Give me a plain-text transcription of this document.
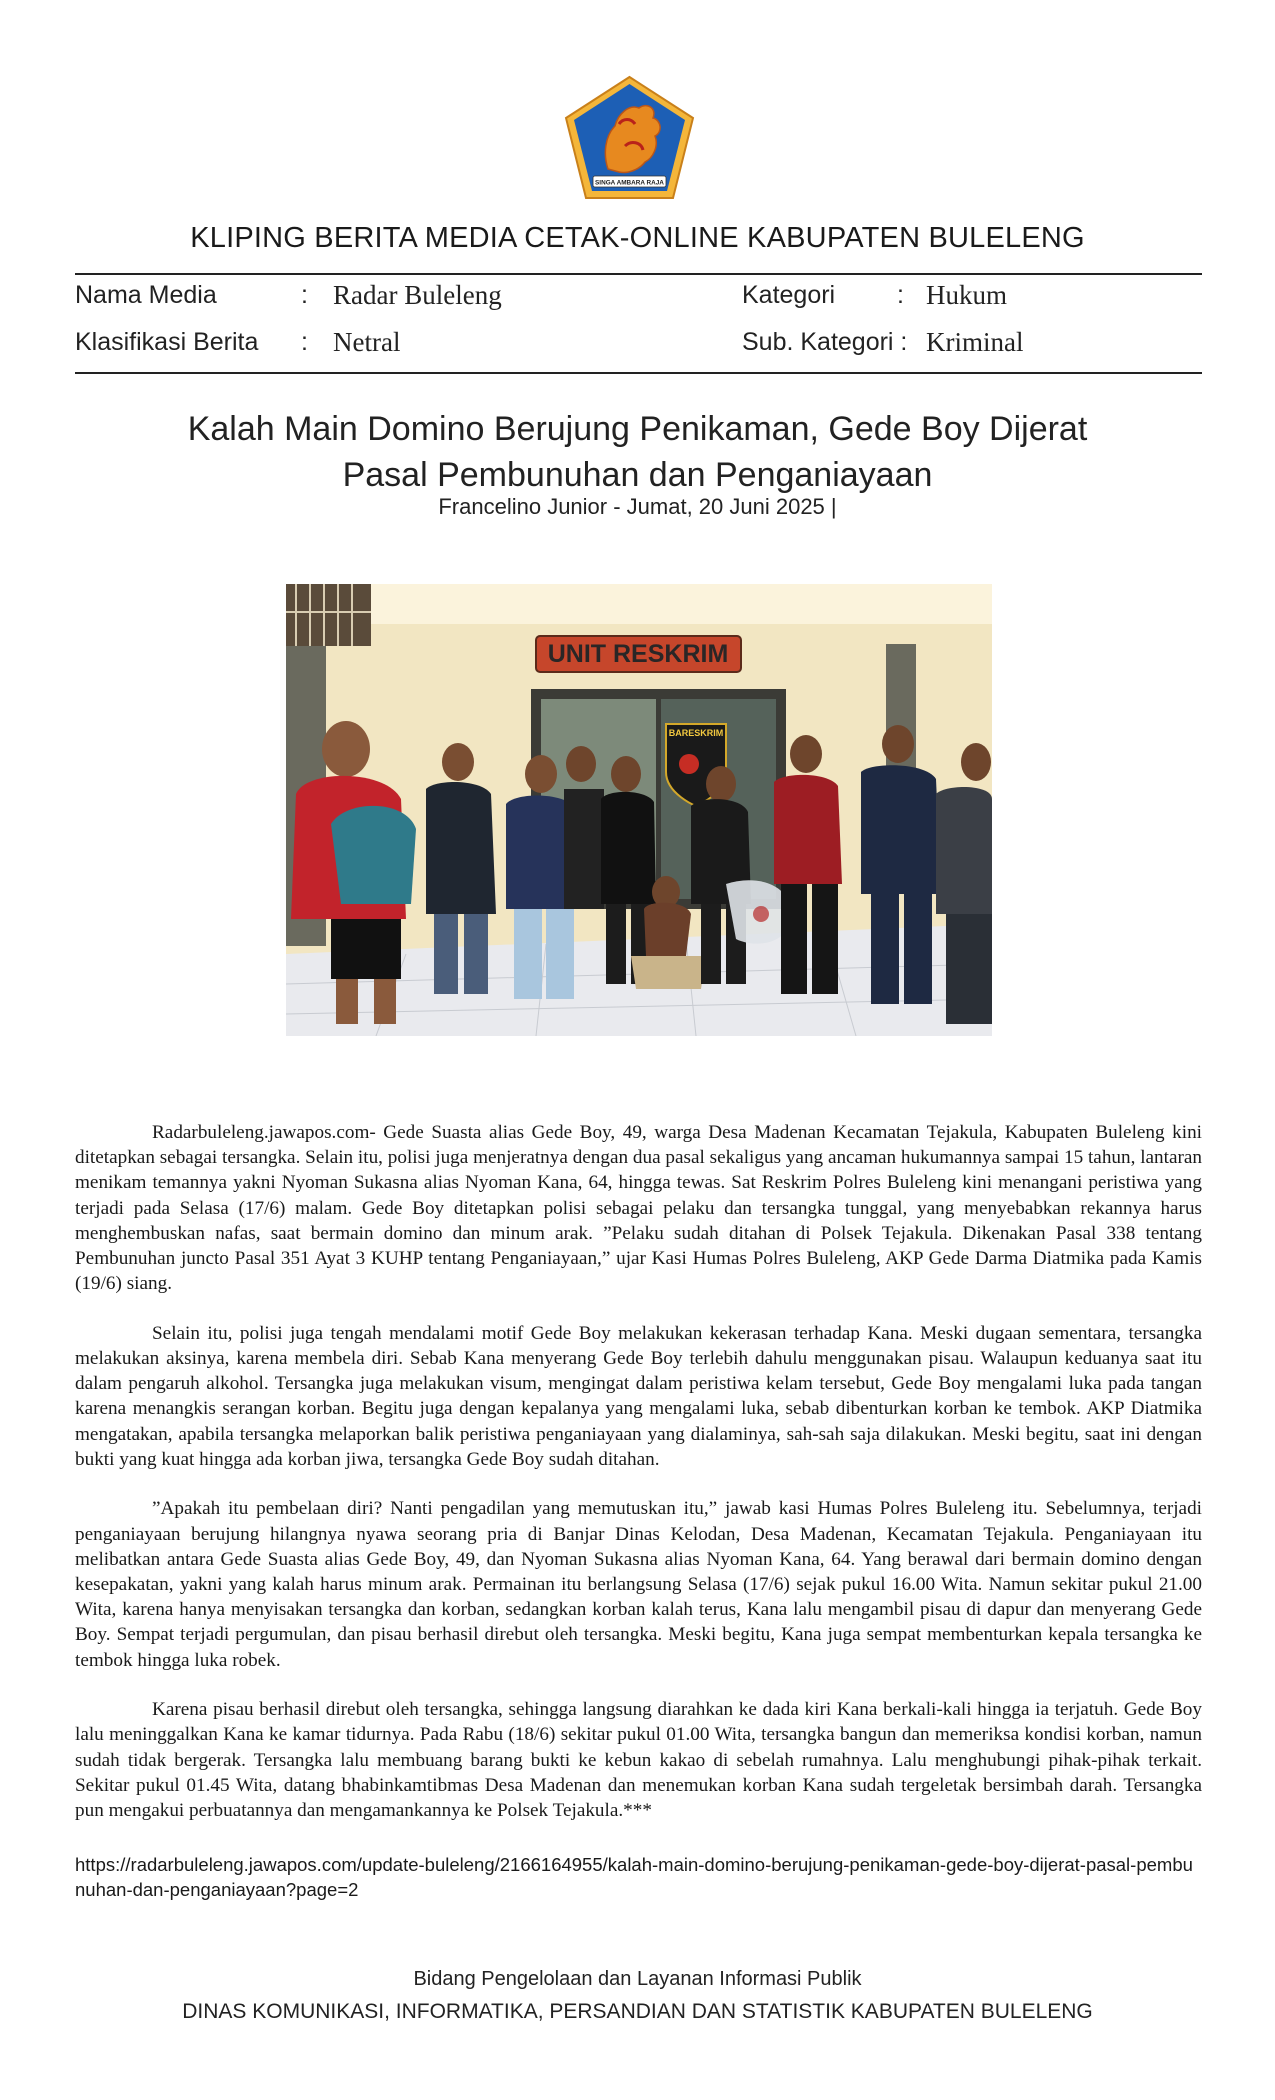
SINGA AMBARA RAJA
KLIPING BERITA MEDIA CETAK-ONLINE KABUPATEN BULELENG
Nama Media	: Radar Buleleng	Kategori : Hukum
Klasifikasi Berita : Netral	Sub. Kategori : Kriminal
Kalah Main Domino Berujung Penikaman, Gede Boy Dijerat
Pasal Pembunuhan dan Penganiayaan
Francelino Junior - Jumat, 20 Juni 2025 |
BARESKRIM
UNIT RESKRIM

Radarbuleleng.jawapos.com- Gede Suasta alias Gede Boy, 49, warga Desa Madenan Kecamatan Tejakula, Kabupaten Buleleng kini ditetapkan sebagai tersangka. Selain itu, polisi juga menjeratnya dengan dua pasal sekaligus yang ancaman hukumannya sampai 15 tahun, lantaran menikam temannya yakni Nyoman Sukasna alias Nyoman Kana, 64, hingga tewas. Sat Reskrim Polres Buleleng kini menangani peristiwa yang terjadi pada Selasa (17/6) malam. Gede Boy ditetapkan polisi sebagai pelaku dan tersangka tunggal, yang menyebabkan rekannya harus menghembuskan nafas, saat bermain domino dan minum arak. ”Pelaku sudah ditahan di Polsek Tejakula. Dikenakan Pasal 338 tentang Pembunuhan juncto Pasal 351 Ayat 3 KUHP tentang Penganiayaan,” ujar Kasi Humas Polres Buleleng, AKP Gede Darma Diatmika pada Kamis (19/6) siang.

Selain itu, polisi juga tengah mendalami motif Gede Boy melakukan kekerasan terhadap Kana. Meski dugaan sementara, tersangka melakukan aksinya, karena membela diri. Sebab Kana menyerang Gede Boy terlebih dahulu menggunakan pisau. Walaupun keduanya saat itu dalam pengaruh alkohol. Tersangka juga melakukan visum, mengingat dalam peristiwa kelam tersebut, Gede Boy mengalami luka pada tangan karena menangkis serangan korban. Begitu juga dengan kepalanya yang mengalami luka, sebab dibenturkan korban ke tembok. AKP Diatmika mengatakan, apabila tersangka melaporkan balik peristiwa penganiayaan yang dialaminya, sah-sah saja dilakukan. Meski begitu, saat ini dengan bukti yang kuat hingga ada korban jiwa, tersangka Gede Boy sudah ditahan.

”Apakah itu pembelaan diri? Nanti pengadilan yang memutuskan itu,” jawab kasi Humas Polres Buleleng itu. Sebelumnya, terjadi penganiayaan berujung hilangnya nyawa seorang pria di Banjar Dinas Kelodan, Desa Madenan, Kecamatan Tejakula. Penganiayaan itu melibatkan antara Gede Suasta alias Gede Boy, 49, dan Nyoman Sukasna alias Nyoman Kana, 64. Yang berawal dari bermain domino dengan kesepakatan, yakni yang kalah harus minum arak. Permainan itu berlangsung Selasa (17/6) sejak pukul 16.00 Wita. Namun sekitar pukul 21.00 Wita, karena hanya menyisakan tersangka dan korban, sedangkan korban kalah terus, Kana lalu mengambil pisau di dapur dan menyerang Gede Boy. Sempat terjadi pergumulan, dan pisau berhasil direbut oleh tersangka. Meski begitu, Kana juga sempat membenturkan kepala tersangka ke tembok hingga luka robek.

Karena pisau berhasil direbut oleh tersangka, sehingga langsung diarahkan ke dada kiri Kana berkali-kali hingga ia terjatuh. Gede Boy lalu meninggalkan Kana ke kamar tidurnya. Pada Rabu (18/6) sekitar pukul 01.00 Wita, tersangka bangun dan memeriksa kondisi korban, namun sudah tidak bergerak. Tersangka lalu membuang barang bukti ke kebun kakao di sebelah rumahnya. Lalu menghubungi pihak-pihak terkait. Sekitar pukul 01.45 Wita, datang bhabinkamtibmas Desa Madenan dan menemukan korban Kana sudah tergeletak bersimbah darah. Tersangka pun mengakui perbuatannya dan mengamankannya ke Polsek Tejakula.***

https://radarbuleleng.jawapos.com/update-buleleng/2166164955/kalah-main-domino-berujung-penikaman-gede-boy-dijerat-pasal-pembunuhan-dan-penganiayaan?page=2
Bidang Pengelolaan dan Layanan Informasi Publik
DINAS KOMUNIKASI, INFORMATIKA, PERSANDIAN DAN STATISTIK KABUPATEN BULELENG
